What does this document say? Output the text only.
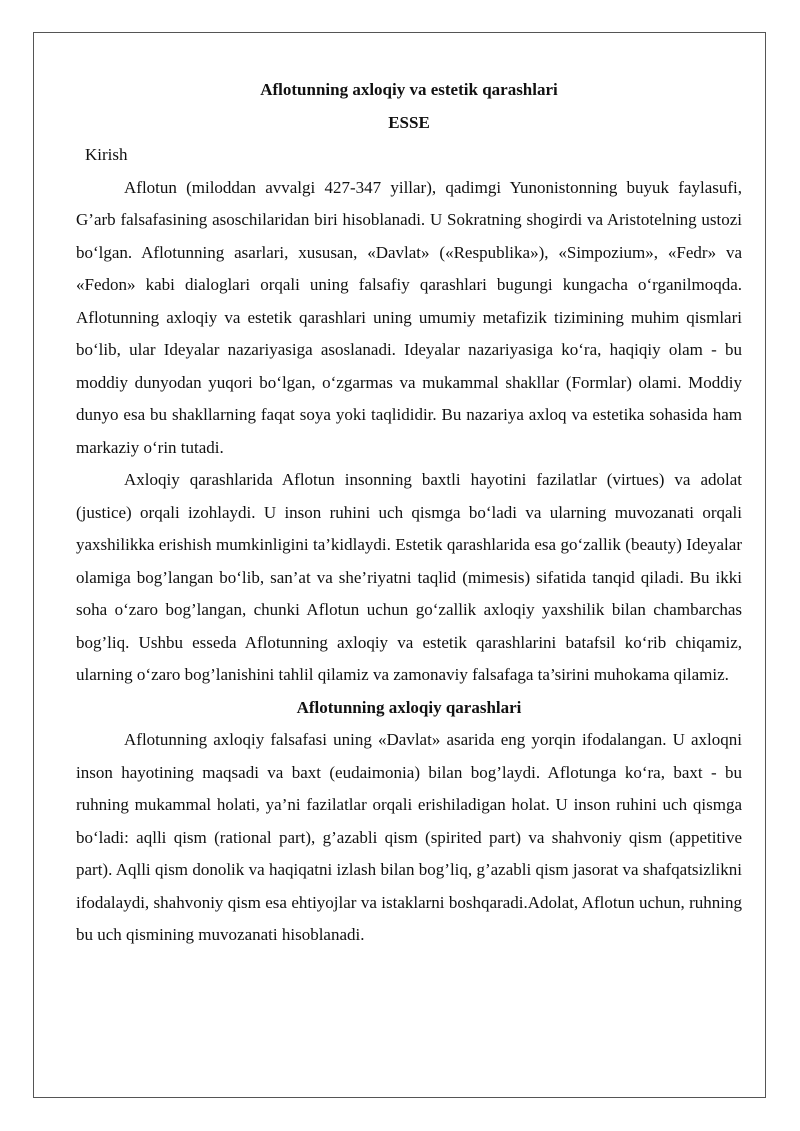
Aflotunning axloqiy va estetik qarashlari

ESSE

Kirish

Aflotun (miloddan avvalgi 427-347 yillar), qadimgi Yunonistonning buyuk faylasufi, G’arb falsafasining asoschilaridan biri hisoblanadi. U Sokratning shogirdi va Aristotelning ustozi bo‘lgan. Aflotunning asarlari, xususan, «Davlat» («Respublika»), «Simpozium», «Fedr» va «Fedon» kabi dialoglari orqali uning falsafiy qarashlari bugungi kungacha o‘rganilmoqda. Aflotunning axloqiy va estetik qarashlari uning umumiy metafizik tizimining muhim qismlari bo‘lib, ular Ideyalar nazariyasiga asoslanadi. Ideyalar nazariyasiga ko‘ra, haqiqiy olam - bu moddiy dunyodan yuqori bo‘lgan, o‘zgarmas va mukammal shakllar (Formlar) olami. Moddiy dunyo esa bu shakllarning faqat soya yoki taqlididir. Bu nazariya axloq va estetika sohasida ham markaziy o‘rin tutadi.

Axloqiy qarashlarida Aflotun insonning baxtli hayotini fazilatlar (virtues) va adolat (justice) orqali izohlaydi. U inson ruhini uch qismga bo‘ladi va ularning muvozanati orqali yaxshilikka erishish mumkinligini ta’kidlaydi. Estetik qarashlarida esa go‘zallik (beauty) Ideyalar olamiga bog’langan bo‘lib, san’at va she’riyatni taqlid (mimesis) sifatida tanqid qiladi. Bu ikki soha o‘zaro bog’langan, chunki Aflotun uchun go‘zallik axloqiy yaxshilik bilan chambarchas bog’liq. Ushbu esseda Aflotunning axloqiy va estetik qarashlarini batafsil ko‘rib chiqamiz, ularning o‘zaro bog’lanishini tahlil qilamiz va zamonaviy falsafaga ta’sirini muhokama qilamiz.

Aflotunning axloqiy qarashlari

Aflotunning axloqiy falsafasi uning «Davlat» asarida eng yorqin ifodalangan. U axloqni inson hayotining maqsadi va baxt (eudaimonia) bilan bog’laydi. Aflotunga ko‘ra, baxt - bu ruhning mukammal holati, ya’ni fazilatlar orqali erishiladigan holat. U inson ruhini uch qismga bo‘ladi: aqlli qism (rational part), g’azabli qism (spirited part) va shahvoniy qism (appetitive part). Aqlli qism donolik va haqiqatni izlash bilan bog’liq, g’azabli qism jasorat va shafqatsizlikni ifodalaydi, shahvoniy qism esa ehtiyojlar va istaklarni boshqaradi.Adolat, Aflotun uchun, ruhning bu uch qismining muvozanati hisoblanadi.
